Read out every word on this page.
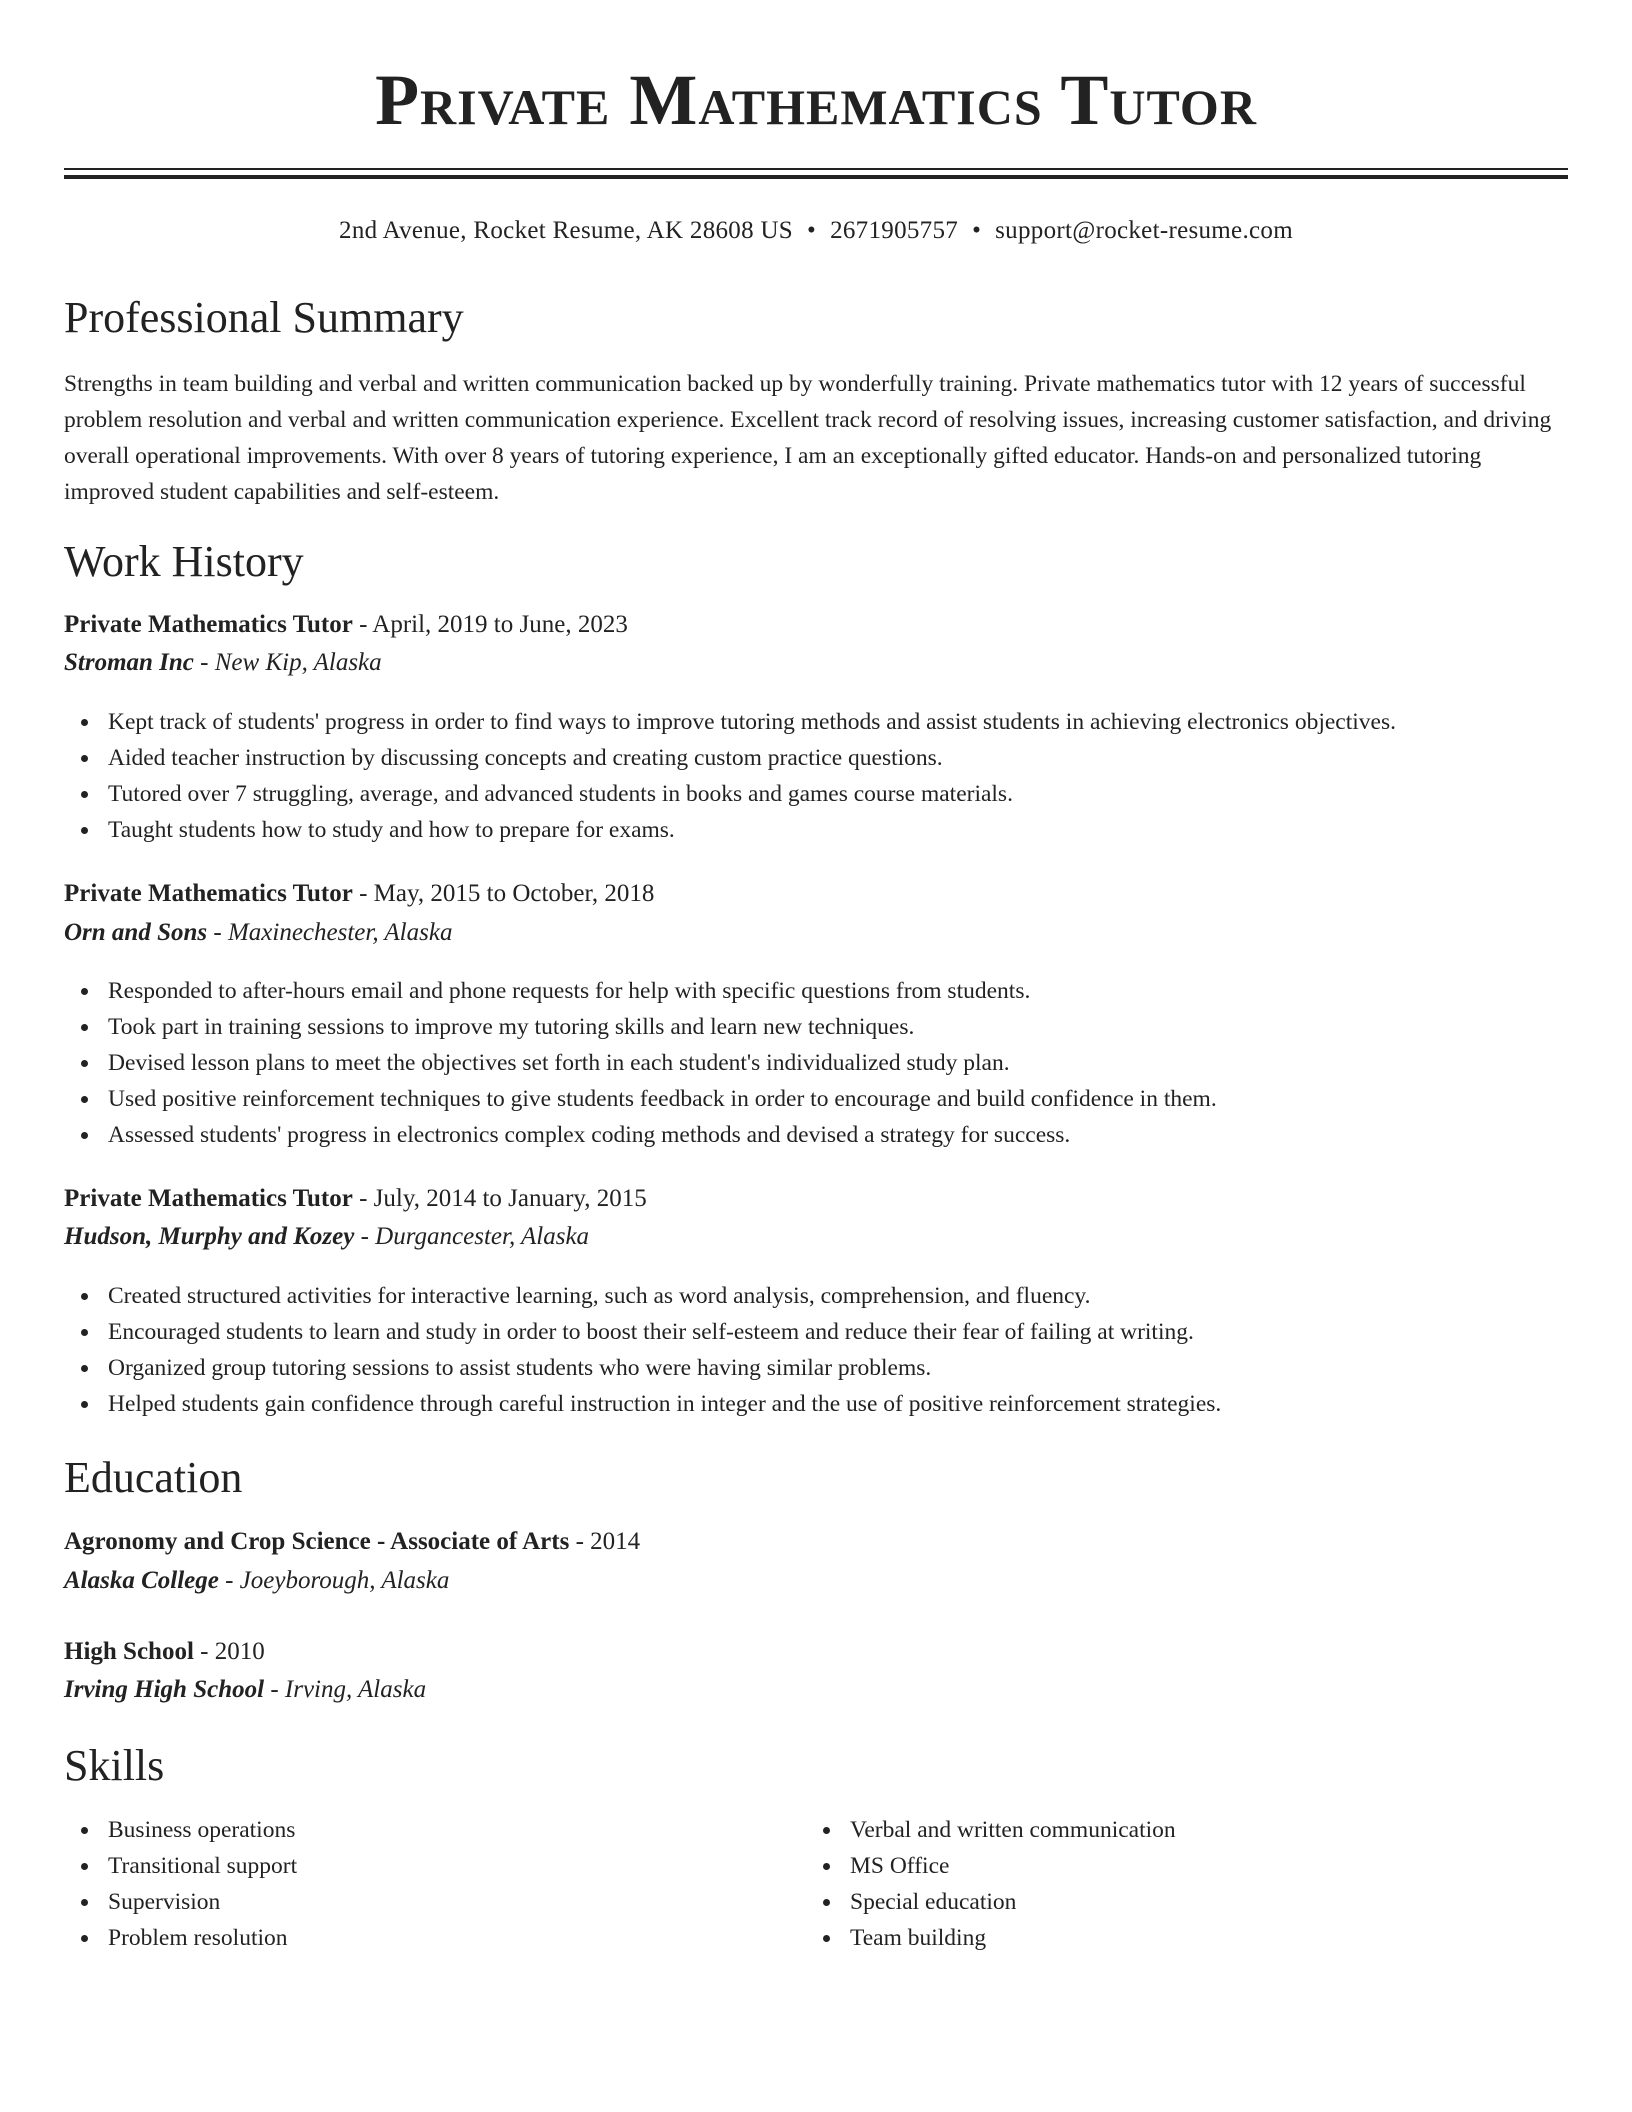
Private Mathematics Tutor
2nd Avenue, Rocket Resume, AK 28608 US • 2671905757 • support@rocket-resume.com
Professional Summary
Strengths in team building and verbal and written communication backed up by wonderfully training. Private mathematics tutor with 12 years of successful problem resolution and verbal and written communication experience. Excellent track record of resolving issues, increasing customer satisfaction, and driving overall operational improvements. With over 8 years of tutoring experience, I am an exceptionally gifted educator. Hands-on and personalized tutoring improved student capabilities and self-esteem.
Work History
Private Mathematics Tutor - April, 2019 to June, 2023
Stroman Inc - New Kip, Alaska
Kept track of students' progress in order to find ways to improve tutoring methods and assist students in achieving electronics objectives.
Aided teacher instruction by discussing concepts and creating custom practice questions.
Tutored over 7 struggling, average, and advanced students in books and games course materials.
Taught students how to study and how to prepare for exams.
Private Mathematics Tutor - May, 2015 to October, 2018
Orn and Sons - Maxinechester, Alaska
Responded to after-hours email and phone requests for help with specific questions from students.
Took part in training sessions to improve my tutoring skills and learn new techniques.
Devised lesson plans to meet the objectives set forth in each student's individualized study plan.
Used positive reinforcement techniques to give students feedback in order to encourage and build confidence in them.
Assessed students' progress in electronics complex coding methods and devised a strategy for success.
Private Mathematics Tutor - July, 2014 to January, 2015
Hudson, Murphy and Kozey - Durgancester, Alaska
Created structured activities for interactive learning, such as word analysis, comprehension, and fluency.
Encouraged students to learn and study in order to boost their self-esteem and reduce their fear of failing at writing.
Organized group tutoring sessions to assist students who were having similar problems.
Helped students gain confidence through careful instruction in integer and the use of positive reinforcement strategies.
Education
Agronomy and Crop Science - Associate of Arts - 2014
Alaska College - Joeyborough, Alaska
High School - 2010
Irving High School - Irving, Alaska
Skills
Business operations
Transitional support
Supervision
Problem resolution
Verbal and written communication
MS Office
Special education
Team building
